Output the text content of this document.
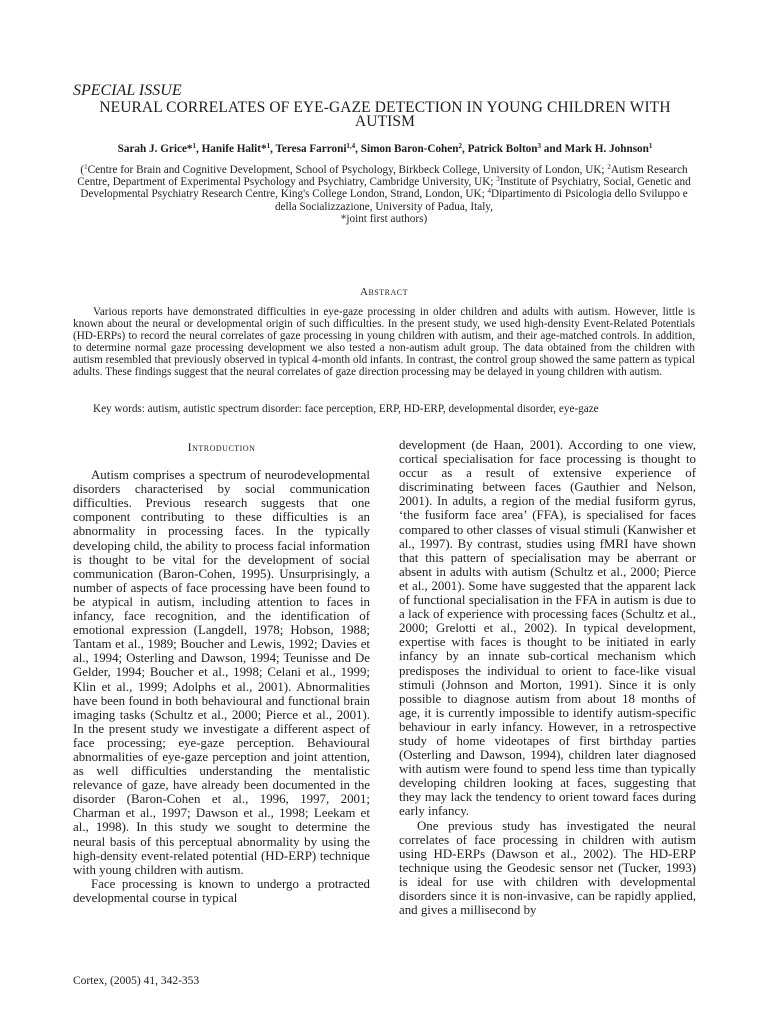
SPECIAL ISSUE
NEURAL CORRELATES OF EYE-GAZE DETECTION IN YOUNG CHILDREN WITH AUTISM
Sarah J. Grice*$^1$, Hanife Halit*$^1$, Teresa Farroni$^{1,4}$, Simon Baron-Cohen$^2$, Patrick Bolton$^3$ and Mark H. Johnson$^1$
($^1$Centre for Brain and Cognitive Development, School of Psychology, Birkbeck College, University of London, UK; $^2$Autism Research Centre, Department of Experimental Psychology and Psychiatry, Cambridge University, UK; $^3$Institute of Psychiatry, Social, Genetic and Developmental Psychiatry Research Centre, King's College London, Strand, London, UK; $^4$Dipartimento di Psicologia dello Sviluppo e della Socializzazione, University of Padua, Italy,
*joint first authors)
Abstract
Various reports have demonstrated difficulties in eye-gaze processing in older children and adults with autism. However, little is known about the neural or developmental origin of such difficulties. In the present study, we used high-density Event-Related Potentials (HD-ERPs) to record the neural correlates of gaze processing in young children with autism, and their age-matched controls. In addition, to determine normal gaze processing development we also tested a non-autism adult group. The data obtained from the children with autism resembled that previously observed in typical 4-month old infants. In contrast, the control group showed the same pattern as typical adults. These findings suggest that the neural correlates of gaze direction processing may be delayed in young children with autism.
Key words: autism, autistic spectrum disorder: face perception, ERP, HD-ERP, developmental disorder, eye-gaze
Introduction

Autism comprises a spectrum of neurodevelopmental disorders characterised by social communication difficulties. Previous research suggests that one component contributing to these difficulties is an abnormality in processing faces. In the typically developing child, the ability to process facial information is thought to be vital for the development of social communication (Baron-Cohen, 1995). Unsurprisingly, a number of aspects of face processing have been found to be atypical in autism, including attention to faces in infancy, face recognition, and the identification of emotional expression (Langdell, 1978; Hobson, 1988; Tantam et al., 1989; Boucher and Lewis, 1992; Davies et al., 1994; Osterling and Dawson, 1994; Teunisse and De Gelder, 1994; Boucher et al., 1998; Celani et al., 1999; Klin et al., 1999; Adolphs et al., 2001). Abnormalities have been found in both behavioural and functional brain imaging tasks (Schultz et al., 2000; Pierce et al., 2001). In the present study we investigate a different aspect of face processing; eye-gaze perception. Behavioural abnormalities of eye-gaze perception and joint attention, as well difficulties understanding the mentalistic relevance of gaze, have already been documented in the disorder (Baron-Cohen et al., 1996, 1997, 2001; Charman et al., 1997; Dawson et al., 1998; Leekam et al., 1998). In this study we sought to determine the neural basis of this perceptual abnormality by using the high-density event-related potential (HD-ERP) technique with young children with autism.

Face processing is known to undergo a protracted developmental course in typical

development (de Haan, 2001). According to one view, cortical specialisation for face processing is thought to occur as a result of extensive experience of discriminating between faces (Gauthier and Nelson, 2001). In adults, a region of the medial fusiform gyrus, ‘the fusiform face area’ (FFA), is specialised for faces compared to other classes of visual stimuli (Kanwisher et al., 1997). By contrast, studies using fMRI have shown that this pattern of specialisation may be aberrant or absent in adults with autism (Schultz et al., 2000; Pierce et al., 2001). Some have suggested that the apparent lack of functional specialisation in the FFA in autism is due to a lack of experience with processing faces (Schultz et al., 2000; Grelotti et al., 2002). In typical development, expertise with faces is thought to be initiated in early infancy by an innate sub-cortical mechanism which predisposes the individual to orient to face-like visual stimuli (Johnson and Morton, 1991). Since it is only possible to diagnose autism from about 18 months of age, it is currently impossible to identify autism-specific behaviour in early infancy. However, in a retrospective study of home videotapes of first birthday parties (Osterling and Dawson, 1994), children later diagnosed with autism were found to spend less time than typically developing children looking at faces, suggesting that they may lack the tendency to orient toward faces during early infancy.

One previous study has investigated the neural correlates of face processing in children with autism using HD-ERPs (Dawson et al., 2002). The HD-ERP technique using the Geodesic sensor net (Tucker, 1993) is ideal for use with children with developmental disorders since it is non-invasive, can be rapidly applied, and gives a millisecond by

Cortex, (2005) 41, 342-353
